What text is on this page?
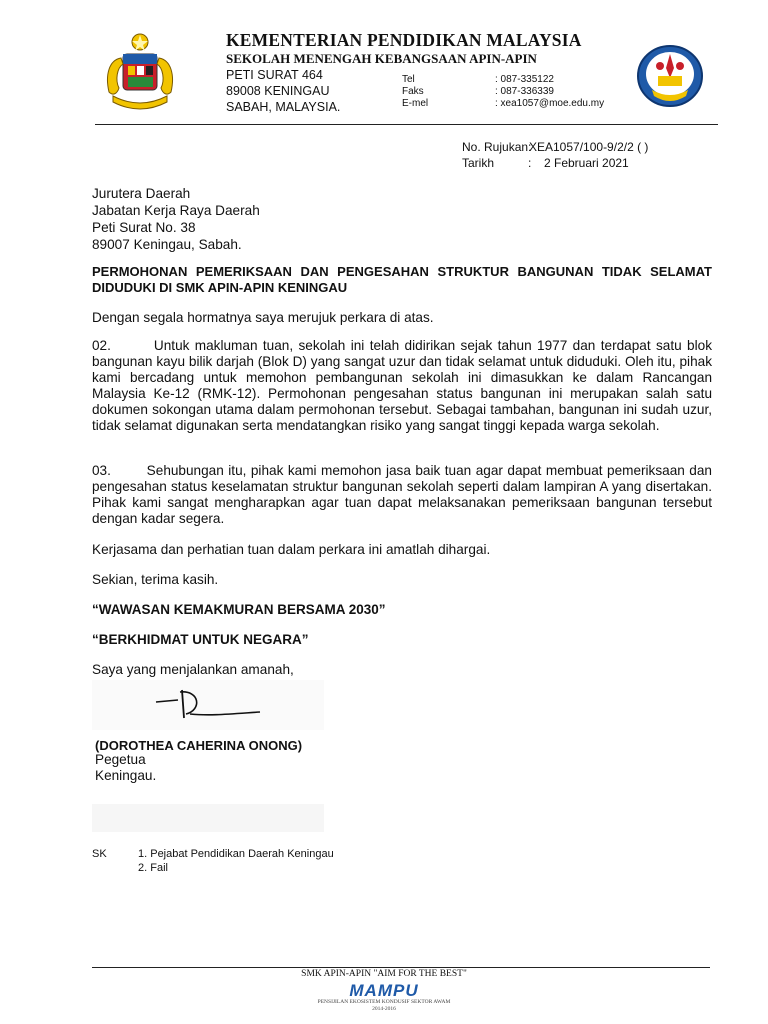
KEMENTERIAN PENDIDIKAN MALAYSIA
SEKOLAH MENENGAH KEBANGSAAN APIN-APIN
PETI SURAT 464
89008 KENINGAU
SABAH, MALAYSIA.
Tel	: 087-335122
Faks	: 087-336339
E-mel	: xea1057@moe.edu.my
No. Rujukan:
XEA1057/100-9/2/2 ( )
Tarikh	: 2 Februari 2021
Jurutera Daerah
Jabatan Kerja Raya Daerah
Peti Surat No. 38
89007 Keningau, Sabah.
PERMOHONAN PEMERIKSAAN DAN PENGESAHAN STRUKTUR BANGUNAN TIDAK SELAMAT DIDUDUKI DI SMK APIN-APIN KENINGAU
Dengan segala hormatnya saya merujuk perkara di atas.
02.        Untuk makluman tuan, sekolah ini telah didirikan sejak tahun 1977 dan terdapat satu blok bangunan kayu bilik darjah (Blok D) yang sangat uzur dan tidak selamat untuk diduduki. Oleh itu, pihak kami bercadang untuk memohon pembangunan sekolah ini dimasukkan ke dalam Rancangan Malaysia Ke-12 (RMK-12). Permohonan pengesahan status bangunan ini merupakan salah satu dokumen sokongan utama dalam permohonan tersebut. Sebagai tambahan, bangunan ini sudah uzur, tidak selamat digunakan serta mendatangkan risiko yang sangat tinggi kepada warga sekolah.
03.        Sehubungan itu, pihak kami memohon jasa baik tuan agar dapat membuat pemeriksaan dan pengesahan status keselamatan struktur bangunan sekolah seperti dalam lampiran A yang disertakan. Pihak kami sangat mengharapkan agar tuan dapat melaksanakan pemeriksaan bangunan tersebut dengan kadar segera.
Kerjasama dan perhatian tuan dalam perkara ini amatlah dihargai.
Sekian, terima kasih.
“WAWASAN KEMAKMURAN BERSAMA 2030”
“BERKHIDMAT UNTUK NEGARA”
Saya yang menjalankan amanah,
(DOROTHEA CAHERINA ONONG)
Pegetua
Keningau.
SK	1. Pejabat Pendidikan Daerah Keningau
2. Fail
SMK APIN-APIN "AIM FOR THE BEST"
MAMPU
PENSIJILAN EKOSISTEM KONDUSIF SEKTOR AWAM
2014-2016
